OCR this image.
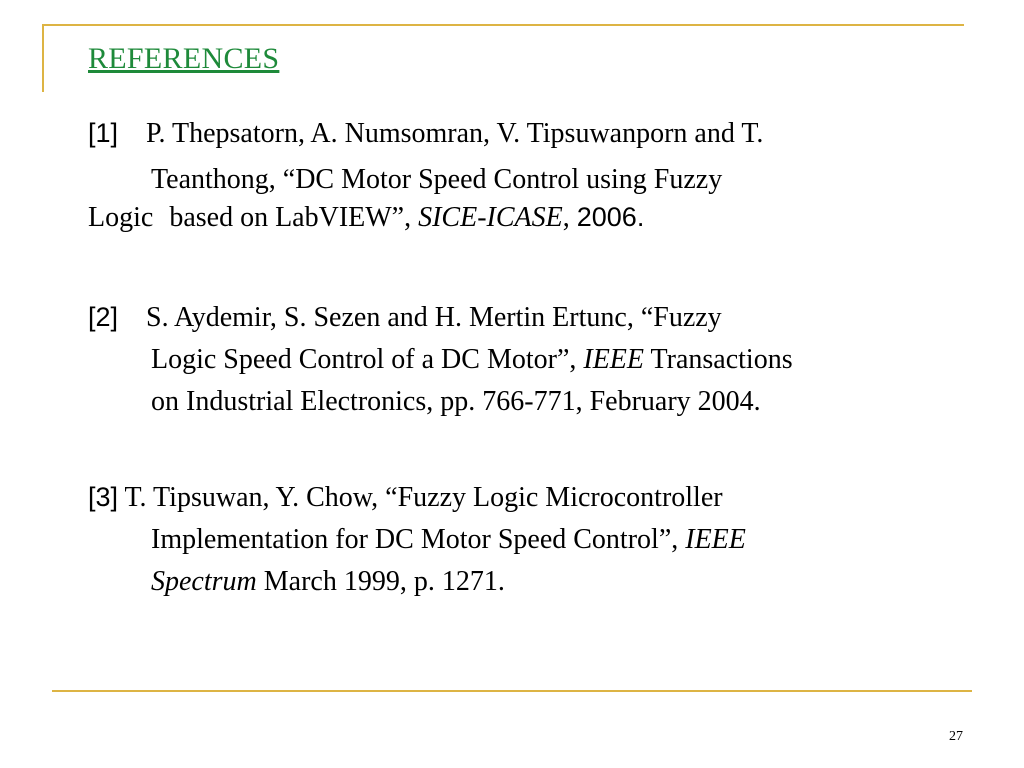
REFERENCES
[1] P. Thepsatorn, A. Numsomran, V. Tipsuwanporn and T.
Teanthong, “DC Motor Speed Control using Fuzzy
Logic based on LabVIEW”, SICE-ICASE, 2006.
[2] S. Aydemir, S. Sezen and H. Mertin Ertunc, “Fuzzy
Logic Speed Control of a DC Motor”, IEEE Transactions
on Industrial Electronics, pp. 766-771, February 2004.
[3] T. Tipsuwan, Y. Chow, “Fuzzy Logic Microcontroller
Implementation for DC Motor Speed Control”, IEEE
Spectrum March 1999, p. 1271.
27
